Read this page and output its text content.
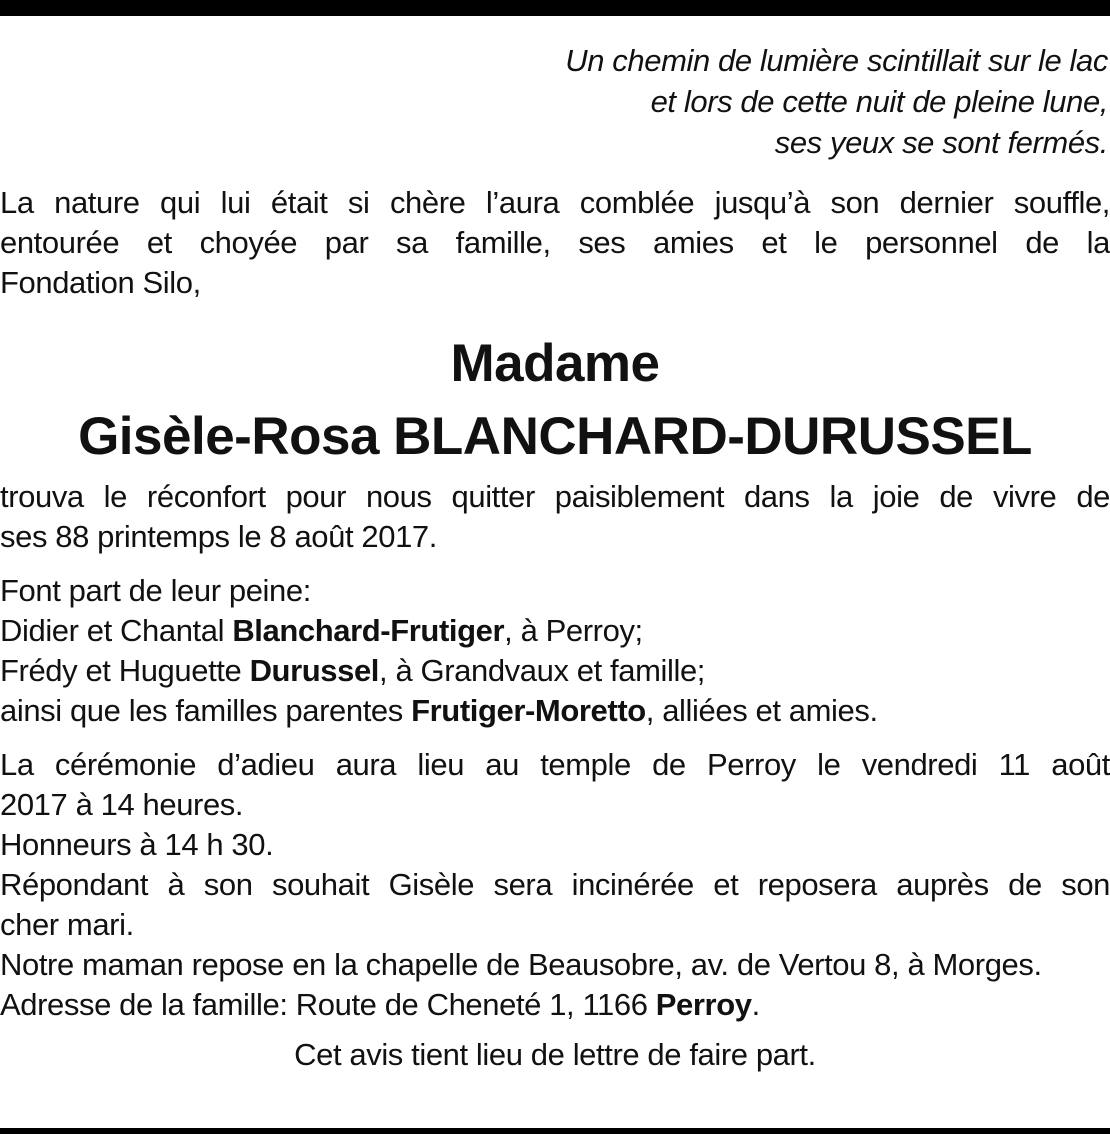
Un chemin de lumière scintillait sur le lac
et lors de cette nuit de pleine lune,
ses yeux se sont fermés.
La nature qui lui était si chère l’aura comblée jusqu’à son dernier souffle,
entourée et choyée par sa famille, ses amies et le personnel de la
Fondation Silo,
Madame
Gisèle-Rosa BLANCHARD-DURUSSEL
trouva le réconfort pour nous quitter paisiblement dans la joie de vivre de
ses 88 printemps le 8 août 2017.
Font part de leur peine:
Didier et Chantal Blanchard-Frutiger, à Perroy;
Frédy et Huguette Durussel, à Grandvaux et famille;
ainsi que les familles parentes Frutiger-Moretto, alliées et amies.
La cérémonie d’adieu aura lieu au temple de Perroy le vendredi 11 août
2017 à 14 heures.
Honneurs à 14 h 30.
Répondant à son souhait Gisèle sera incinérée et reposera auprès de son
cher mari.
Notre maman repose en la chapelle de Beausobre, av. de Vertou 8, à Morges.
Adresse de la famille: Route de Cheneté 1, 1166 Perroy.
Cet avis tient lieu de lettre de faire part.
